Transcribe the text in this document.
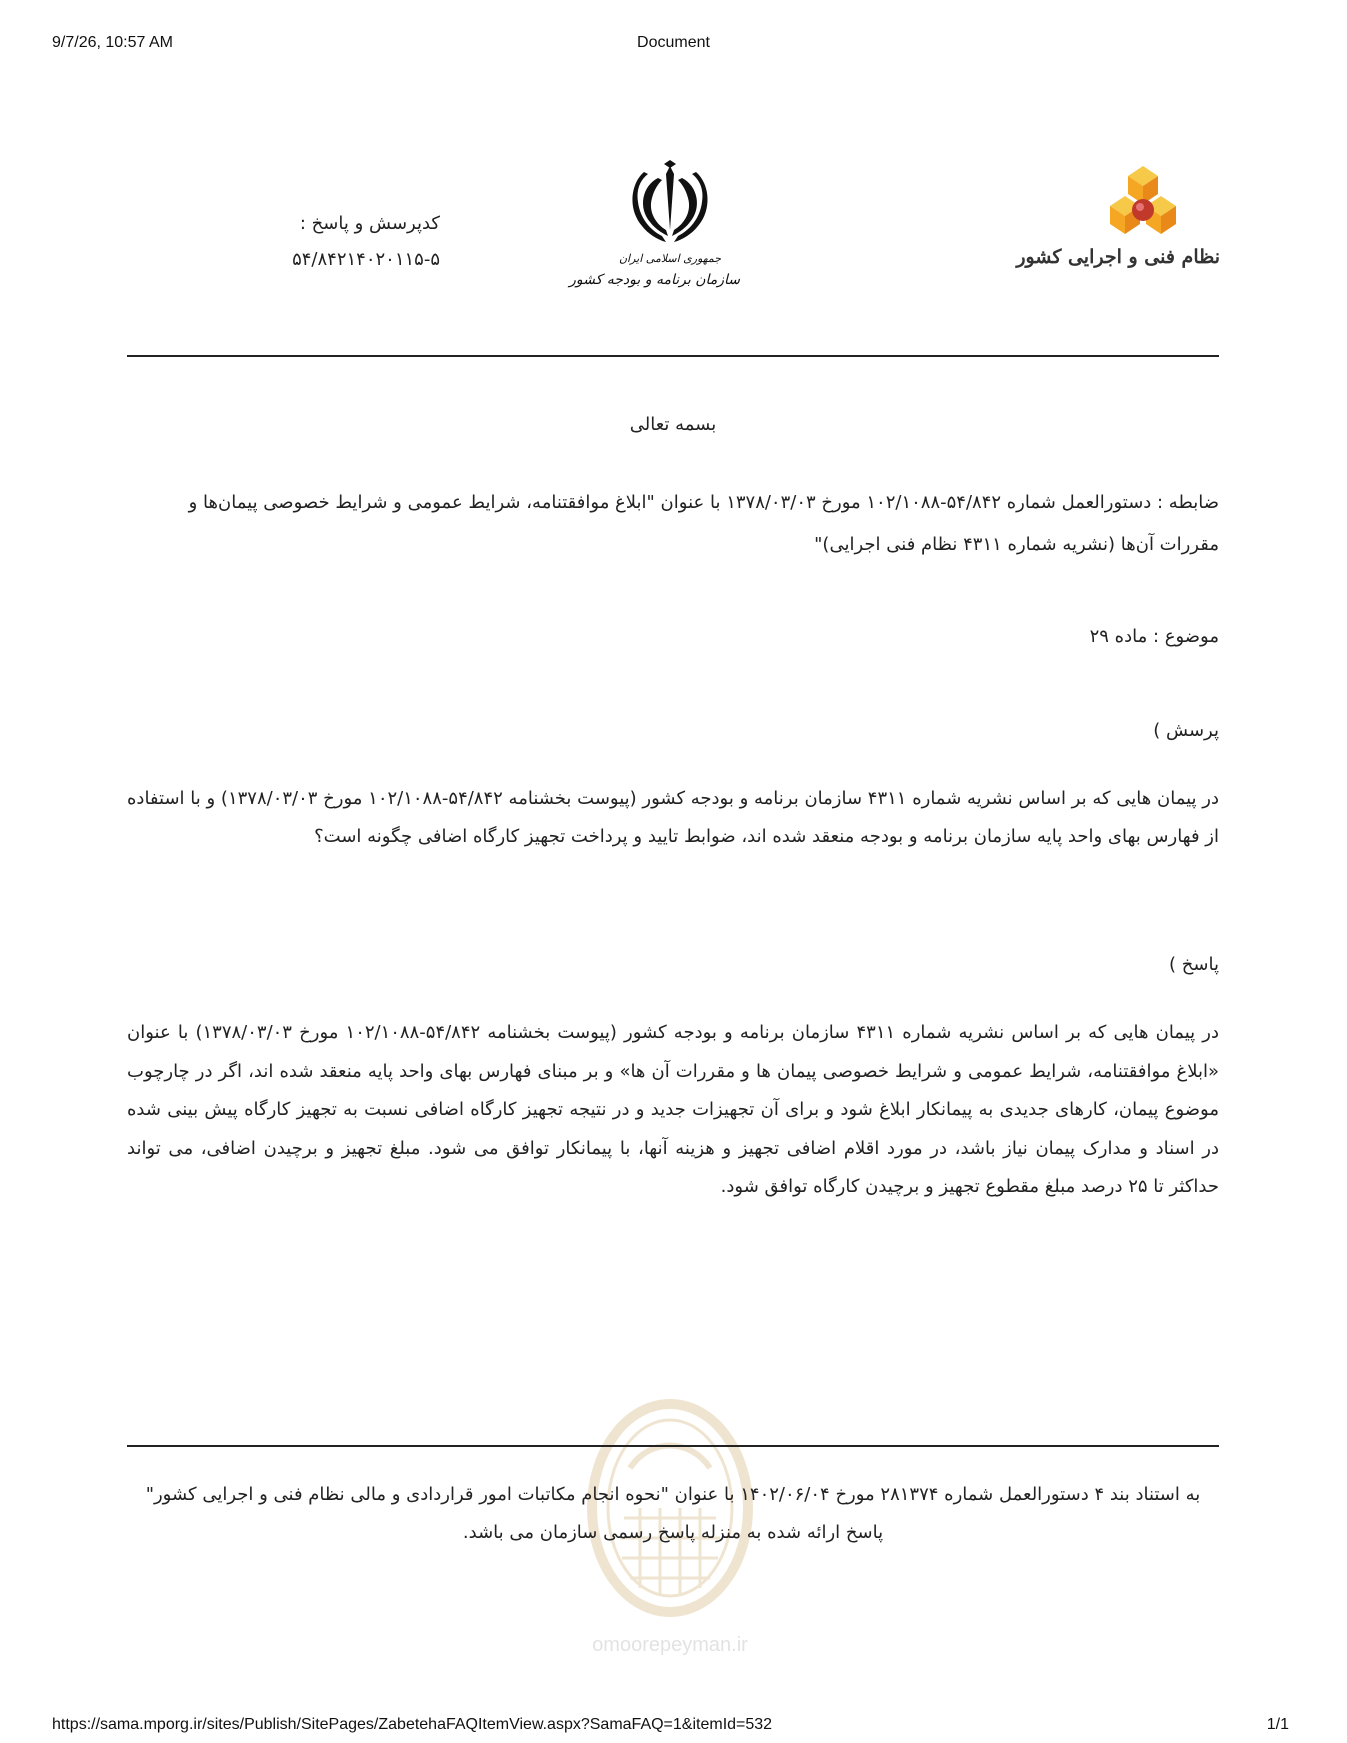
9/7/26, 10:57 AM	Document
نظام فنی و اجرایی کشور
جمهوری اسلامی ایران
سازمان برنامه و بودجه کشور
کدپرسش و پاسخ :
۵۴/۸۴۲۱۴۰۲۰۱۱۵-۵
بسمه تعالی
ضابطه : دستورالعمل شماره ۵۴/۸۴۲-۱۰۲/۱۰۸۸ مورخ ۱۳۷۸/۰۳/۰۳ با عنوان "ابلاغ موافقتنامه، شرایط عمومی و شرایط خصوصی پیمان‌ها و مقررات آن‌ها (نشریه شماره ۴۳۱۱ نظام فنی اجرایی)"
موضوع : ماده ۲۹
پرسش )
در پیمان هایی که بر اساس نشریه شماره ۴۳۱۱ سازمان برنامه و بودجه کشور (پیوست بخشنامه ۵۴/۸۴۲-۱۰۲/۱۰۸۸ مورخ ۱۳۷۸/۰۳/۰۳) و با استفاده از فهارس بهای واحد پایه سازمان برنامه و بودجه منعقد شده اند، ضوابط تایید و پرداخت تجهیز کارگاه اضافی چگونه است؟
پاسخ )
در پیمان هایی که بر اساس نشریه شماره ۴۳۱۱ سازمان برنامه و بودجه کشور (پیوست بخشنامه ۵۴/۸۴۲-۱۰۲/۱۰۸۸ مورخ ۱۳۷۸/۰۳/۰۳) با عنوان «ابلاغ موافقتنامه، شرایط عمومی و شرایط خصوصی پیمان ها و مقررات آن ها» و بر مبنای فهارس بهای واحد پایه منعقد شده اند، اگر در چارچوب موضوع پیمان، کارهای جدیدی به پیمانکار ابلاغ شود و برای آن تجهیزات جدید و در نتیجه تجهیز کارگاه اضافی نسبت به تجهیز کارگاه پیش بینی شده در اسناد و مدارک پیمان نیاز باشد، در مورد اقلام اضافی تجهیز و هزینه آنها، با پیمانکار توافق می شود. مبلغ تجهیز و برچیدن اضافی، می تواند حداکثر تا ۲۵ درصد مبلغ مقطوع تجهیز و برچیدن کارگاه توافق شود.
omoorepeyman.ir
به استناد بند ۴ دستورالعمل شماره ۲۸۱۳۷۴ مورخ ۱۴۰۲/۰۶/۰۴ با عنوان "نحوه انجام مکاتبات امور قراردادی و مالی نظام فنی و اجرایی کشور" پاسخ ارائه شده به منزله پاسخ رسمی سازمان می باشد.
https://sama.mporg.ir/sites/Publish/SitePages/ZabetehaFAQItemView.aspx?SamaFAQ=1&itemId=532	1/1
